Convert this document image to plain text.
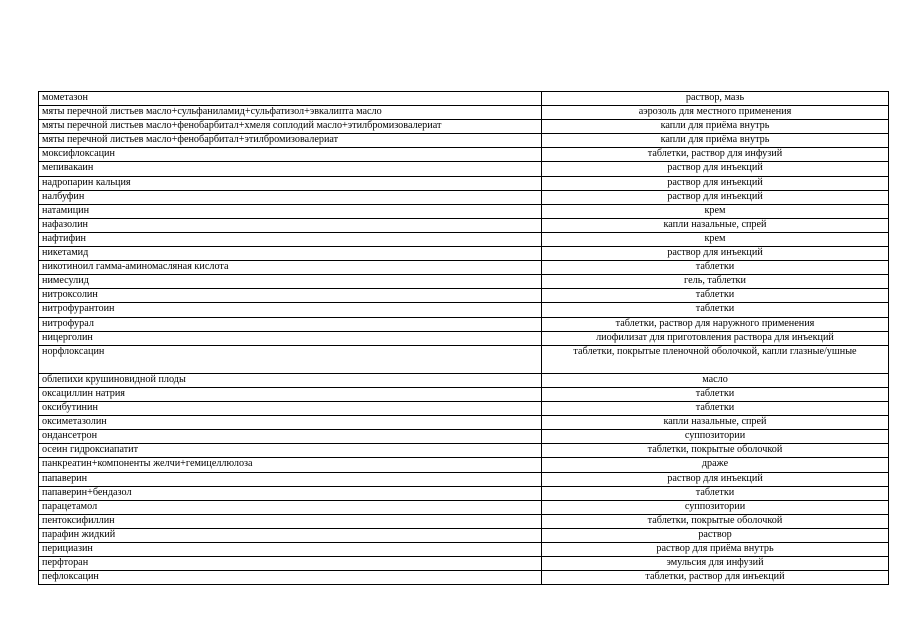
мометазон	раствор, мазь
мяты перечной листьев масло+сульфаниламид+сульфатизол+эвкалипта масло	аэрозоль для местного применения
мяты перечной листьев масло+фенобарбитал+хмеля соплодий масло+этилбромизовалериат	капли для приёма внутрь
мяты перечной листьев масло+фенобарбитал+этилбромизовалериат	капли для приёма внутрь
моксифлоксацин	таблетки, раствор для инфузий
мепивакаин	раствор для инъекций
надропарин кальция	раствор для инъекций
налбуфин	раствор для инъекций
натамицин	крем
нафазолин	капли назальные, спрей
нафтифин	крем
никетамид	раствор для инъекций
никотиноил гамма-аминомасляная кислота	таблетки
нимесулид	гель, таблетки
нитроксолин	таблетки
нитрофурантоин	таблетки
нитрофурал	таблетки, раствор для наружного применения
ницерголин	лиофилизат для приготовления раствора для инъекций
норфлоксацин	таблетки, покрытые пленочной оболочкой, капли глазные/ушные
облепихи крушиновидной плоды	масло
оксациллин натрия	таблетки
оксибутинин	таблетки
оксиметазолин	капли назальные, спрей
ондансетрон	суппозитории
осеин гидроксиапатит	таблетки, покрытые оболочкой
панкреатин+компоненты желчи+гемицеллюлоза	драже
папаверин	раствор для инъекций
папаверин+бендазол	таблетки
парацетамол	суппозитории
пентоксифиллин	таблетки, покрытые оболочкой
парафин жидкий	раствор
перициазин	раствор для приёма внутрь
перфторан	эмульсия для инфузий
пефлоксацин	таблетки, раствор для инъекций
